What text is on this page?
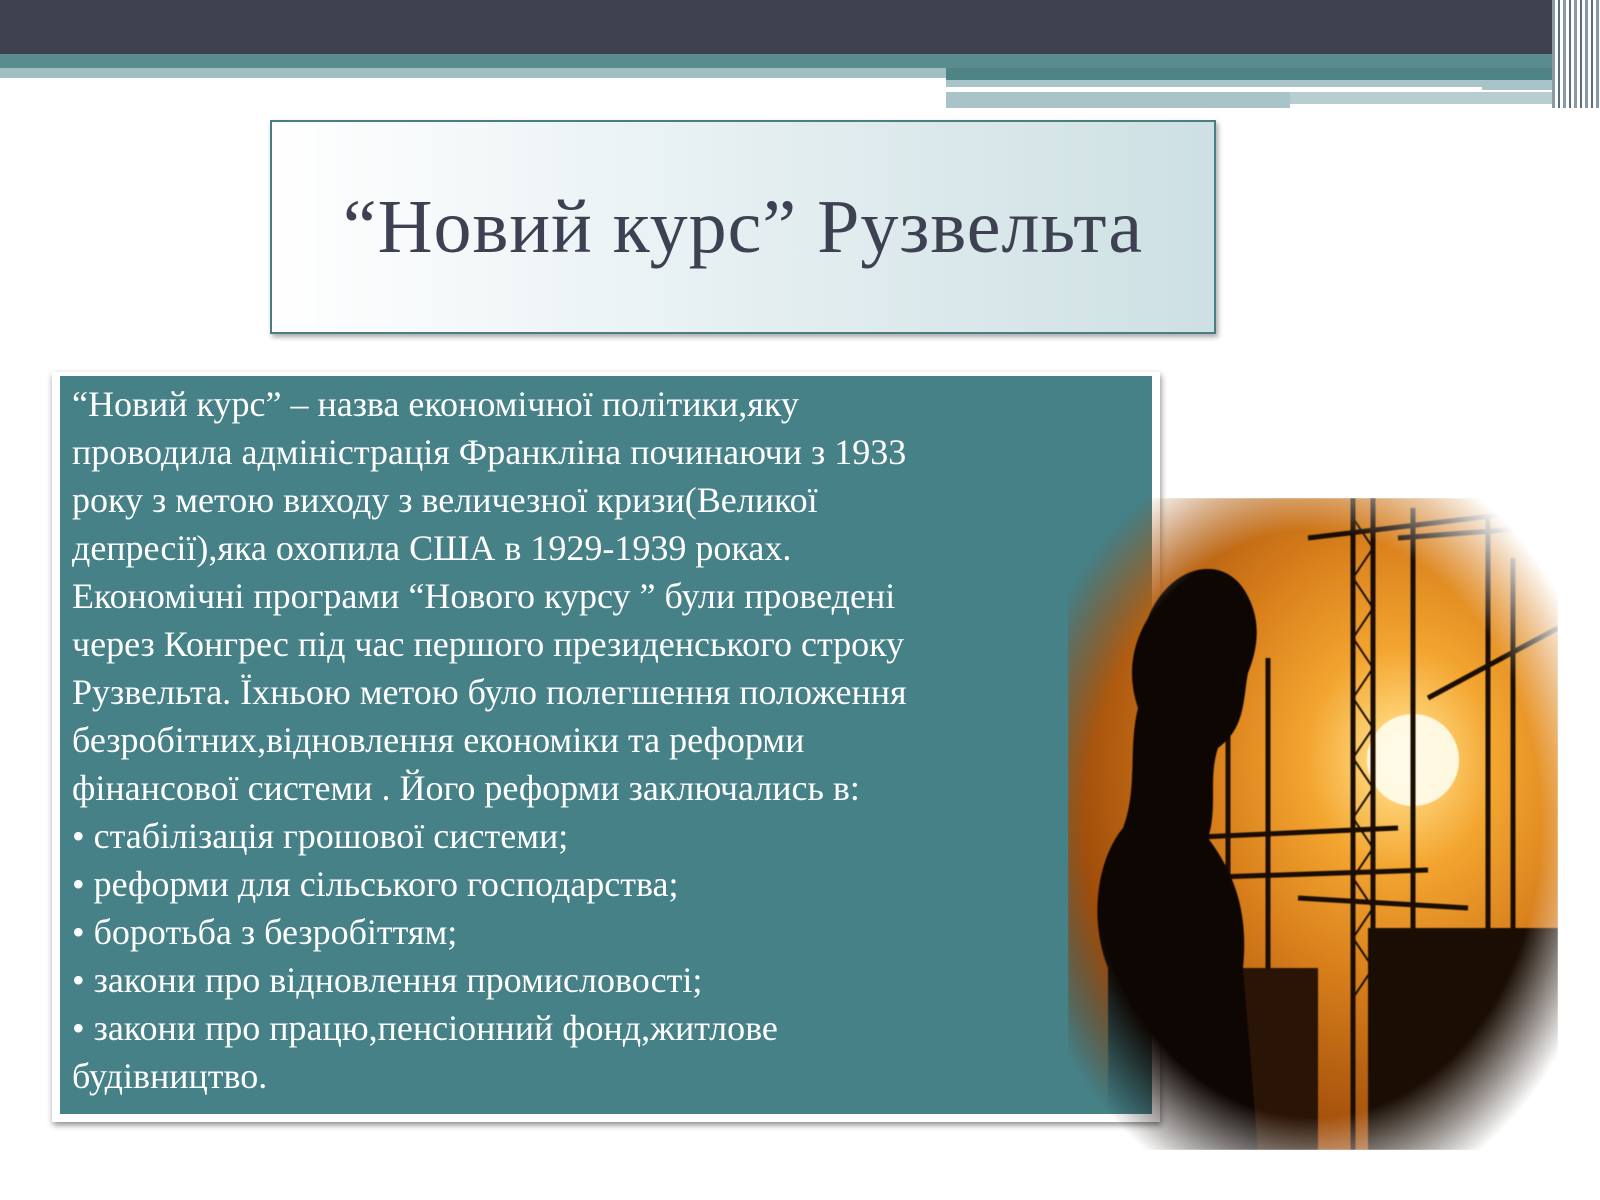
“Новий курс” Рузвельта
“Новий курс” – назва економічної політики,яку
проводила адміністрація Франкліна починаючи з 1933
року з метою виходу з величезної кризи(Великої
депресії),яка охопила США в 1929-1939 роках.
Економічні програми “Нового курсу ” були проведені
через Конгрес під час першого президенського строку
Рузвельта. Їхньою метою було полегшення положення
безробітних,відновлення економіки та реформи
фінансової системи . Його реформи заключались в:
• стабілізація грошової системи;
• реформи для сільського господарства;
• боротьба з безробіттям;
• закони про відновлення промисловості;
• закони про працю,пенсіонний фонд,житлове
будівництво.
